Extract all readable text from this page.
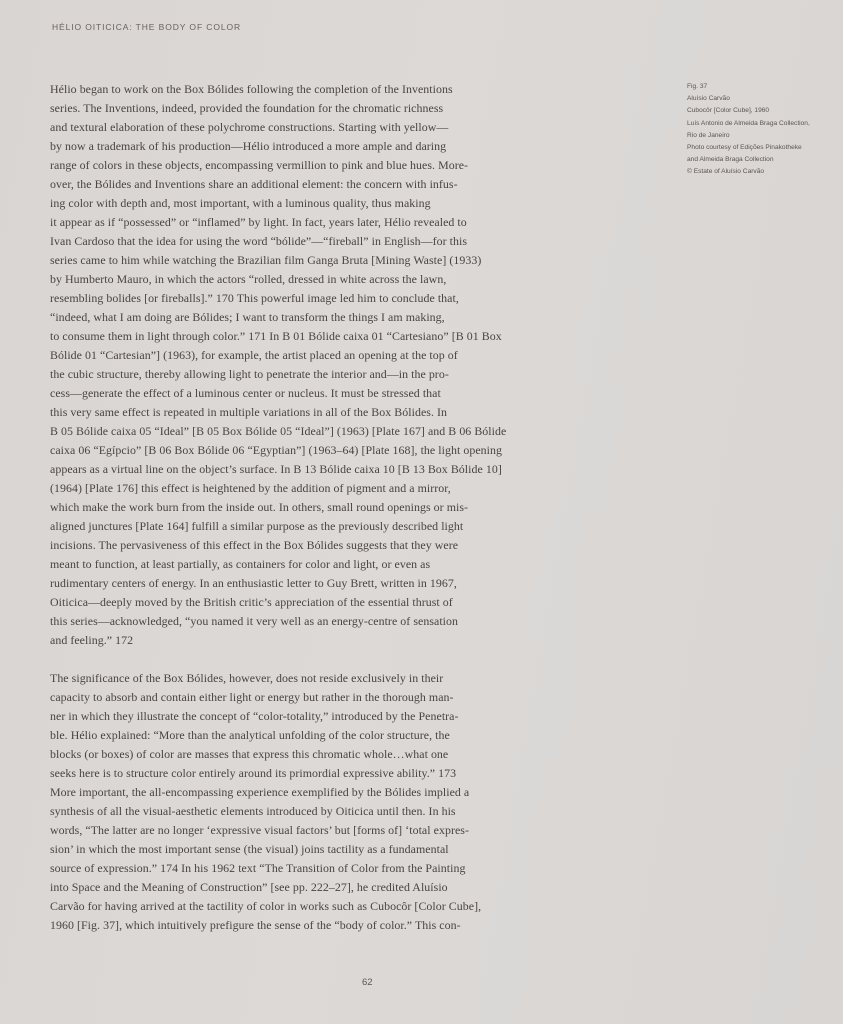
HÉLIO OITICICA: THE BODY OF COLOR
Hélio began to work on the Box Bólides following the completion of the Inventions
series. The Inventions, indeed, provided the foundation for the chromatic richness
and textural elaboration of these polychrome constructions. Starting with yellow—
by now a trademark of his production—Hélio introduced a more ample and daring
range of colors in these objects, encompassing vermillion to pink and blue hues. More-
over, the Bólides and Inventions share an additional element: the concern with infus-
ing color with depth and, most important, with a luminous quality, thus making
it appear as if “possessed” or “inflamed” by light. In fact, years later, Hélio revealed to
Ivan Cardoso that the idea for using the word “bólide”—“fireball” in English—for this
series came to him while watching the Brazilian film Ganga Bruta [Mining Waste] (1933)
by Humberto Mauro, in which the actors “rolled, dressed in white across the lawn,
resembling bolides [or fireballs].” 170 This powerful image led him to conclude that,
“indeed, what I am doing are Bólides; I want to transform the things I am making,
to consume them in light through color.” 171 In B 01 Bólide caixa 01 “Cartesiano” [B 01 Box
Bólide 01 “Cartesian”] (1963), for example, the artist placed an opening at the top of
the cubic structure, thereby allowing light to penetrate the interior and—in the pro-
cess—generate the effect of a luminous center or nucleus. It must be stressed that
this very same effect is repeated in multiple variations in all of the Box Bólides. In
B 05 Bólide caixa 05 “Ideal” [B 05 Box Bólide 05 “Ideal”] (1963) [Plate 167] and B 06 Bólide
caixa 06 “Egípcio” [B 06 Box Bólide 06 “Egyptian”] (1963–64) [Plate 168], the light opening
appears as a virtual line on the object’s surface. In B 13 Bólide caixa 10 [B 13 Box Bólide 10]
(1964) [Plate 176] this effect is heightened by the addition of pigment and a mirror,
which make the work burn from the inside out. In others, small round openings or mis-
aligned junctures [Plate 164] fulfill a similar purpose as the previously described light
incisions. The pervasiveness of this effect in the Box Bólides suggests that they were
meant to function, at least partially, as containers for color and light, or even as
rudimentary centers of energy. In an enthusiastic letter to Guy Brett, written in 1967,
Oiticica—deeply moved by the British critic’s appreciation of the essential thrust of
this series—acknowledged, “you named it very well as an energy-centre of sensation
and feeling.” 172
The significance of the Box Bólides, however, does not reside exclusively in their
capacity to absorb and contain either light or energy but rather in the thorough man-
ner in which they illustrate the concept of “color-totality,” introduced by the Penetra-
ble. Hélio explained: “More than the analytical unfolding of the color structure, the
blocks (or boxes) of color are masses that express this chromatic whole…what one
seeks here is to structure color entirely around its primordial expressive ability.” 173
More important, the all-encompassing experience exemplified by the Bólides implied a
synthesis of all the visual-aesthetic elements introduced by Oiticica until then. In his
words, “The latter are no longer ‘expressive visual factors’ but [forms of] ‘total expres-
sion’ in which the most important sense (the visual) joins tactility as a fundamental
source of expression.” 174 In his 1962 text “The Transition of Color from the Painting
into Space and the Meaning of Construction” [see pp. 222–27], he credited Aluísio
Carvão for having arrived at the tactility of color in works such as Cubocôr [Color Cube],
1960 [Fig. 37], which intuitively prefigure the sense of the “body of color.” This con-
Fig. 37
Aluísio Carvão
Cubocôr [Color Cube], 1960
Luís Antonio de Almeida Braga Collection,
Rio de Janeiro
Photo courtesy of Edições Pinakotheke
and Almeida Braga Collection
© Estate of Aluísio Carvão
62
